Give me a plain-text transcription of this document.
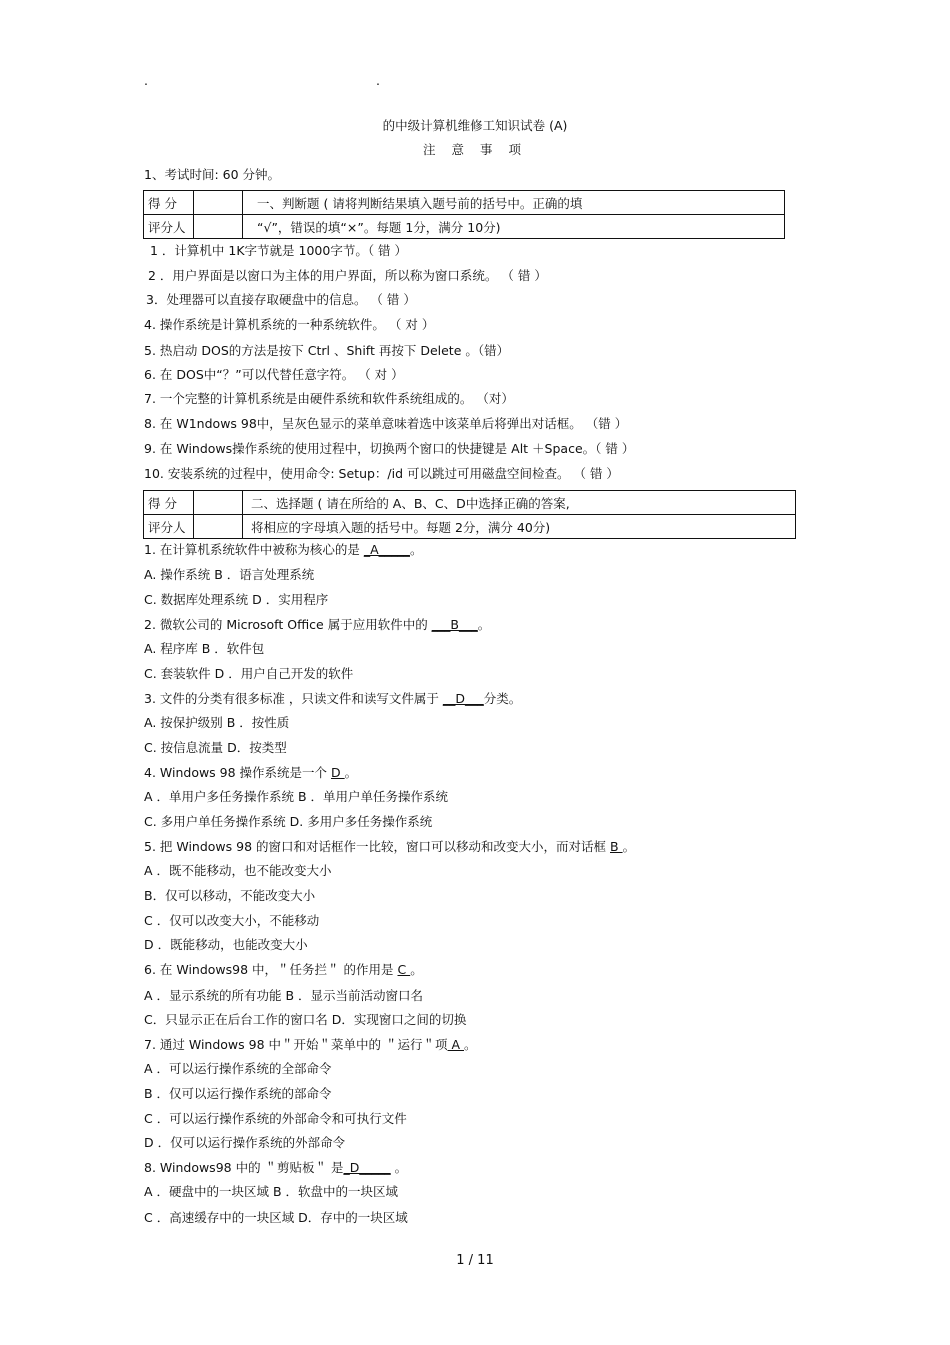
.	.
的中级计算机维修工知识试卷 (A)
注 意 事 项
1、考试时间: 60 分钟。
得 分		一、判断题 ( 请将判断结果填入题号前的括号中。正确的填
评分人		“√”，错误的填“×”。每题 1分，满分 10分)
1 ．计算机中 1K字节就是 1000字节。（ 错 ）
2 ．用户界面是以窗口为主体的用户界面，所以称为窗口系统。 （ 错 ）
3．处理器可以直接存取硬盘中的信息。 （ 错 ）
4. 操作系统是计算机系统的一种系统软件。 （ 对 ）
5. 热启动 DOS的方法是按下 Ctrl 、Shift 再按下 Delete 。（错）
6. 在 DOS中“？”可以代替任意字符。 （ 对 ）
7. 一个完整的计算机系统是由硬件系统和软件系统组成的。 （对）
8. 在 W1ndows 98中，呈灰色显示的菜单意味着选中该菜单后将弹出对话框。 （错 ）
9. 在 Windows操作系统的使用过程中，切换两个窗口的快捷键是 Alt ＋Space。（ 错 ）
10. 安装系统的过程中，使用命令: Setup：/id 可以跳过可用磁盘空间检查。 （ 错 ）
得 分		二、选择题 ( 请在所给的 A、B、C、D中选择正确的答案,
评分人		将相应的字母填入题的括号中。每题 2分，满分 40分)
1. 在计算机系统软件中被称为核心的是 _A_____。
A. 操作系统 B ．语言处理系统
C. 数据库处理系统 D ．实用程序
2. 微软公司的 Microsoft Office 属于应用软件中的 ___B___。
A. 程序库 B ．软件包
C. 套装软件 D ．用户自己开发的软件
3. 文件的分类有很多标准 ，只读文件和读写文件属于 __D___分类。
A. 按保护级别 B ．按性质
C. 按信息流量 D．按类型
4. Windows 98 操作系统是一个 D 。
A ．单用户多任务操作系统 B ．单用户单任务操作系统
C. 多用户单任务操作系统 D. 多用户多任务操作系统
5. 把 Windows 98 的窗口和对话框作一比较，窗口可以移动和改变大小，而对话框 B 。
A ．既不能移动，也不能改变大小
B．仅可以移动，不能改变大小
C ．仅可以改变大小，不能移动
D ．既能移动，也能改变大小
6. 在 Windows98 中，＂任务拦＂ 的作用是 C 。
A ．显示系统的所有功能 B ．显示当前活动窗口名
C．只显示正在后台工作的窗口名 D．实现窗口之间的切换
7. 通过 Windows 98 中＂开始＂菜单中的 ＂运行＂项 A 。
A ．可以运行操作系统的全部命令
B ．仅可以运行操作系统的部命令
C ．可以运行操作系统的外部命令和可执行文件
D ．仅可以运行操作系统的外部命令
8. Windows98 中的 ＂剪贴板＂ 是_D_____ 。
A ．硬盘中的一块区域 B ．软盘中的一块区域
C ．高速缓存中的一块区域 D．存中的一块区域
1 / 11
